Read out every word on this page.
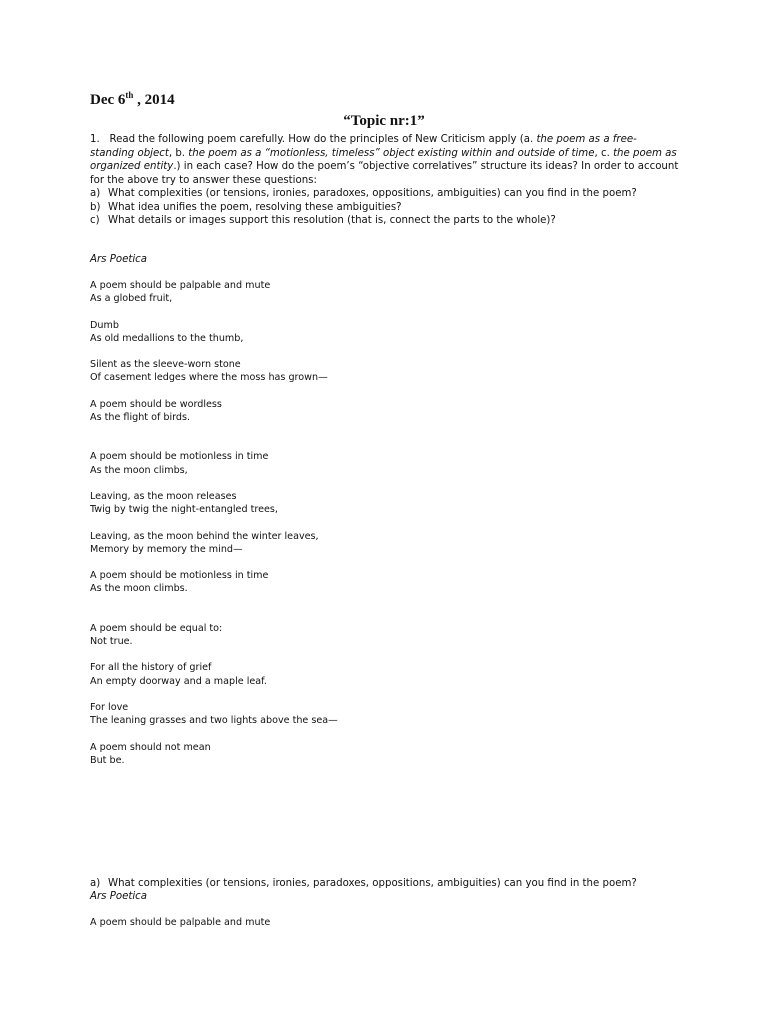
Dec 6th , 2014
“Topic nr:1”

1. Read the following poem carefully. How do the principles of New Criticism apply (a. the poem as a free-standing object, b. the poem as a “motionless, timeless” object existing within and outside of time, c. the poem as organized entity.) in each case? How do the poem’s “objective correlatives” structure its ideas? In order to account for the above try to answer these questions:

a) What complexities (or tensions, ironies, paradoxes, oppositions, ambiguities) can you find in the poem?
b) What idea unifies the poem, resolving these ambiguities?
c) What details or images support this resolution (that is, connect the parts to the whole)?
Ars Poetica
A poem should be palpable and mute
As a globed fruit,
Dumb
As old medallions to the thumb,
Silent as the sleeve-worn stone
Of casement ledges where the moss has grown—
A poem should be wordless
As the flight of birds.
A poem should be motionless in time
As the moon climbs,
Leaving, as the moon releases
Twig by twig the night-entangled trees,
Leaving, as the moon behind the winter leaves,
Memory by memory the mind—
A poem should be motionless in time
As the moon climbs.
A poem should be equal to:
Not true.
For all the history of grief
An empty doorway and a maple leaf.
For love
The leaning grasses and two lights above the sea—
A poem should not mean
But be.
a) What complexities (or tensions, ironies, paradoxes, oppositions, ambiguities) can you find in the poem?
Ars Poetica
A poem should be palpable and mute
